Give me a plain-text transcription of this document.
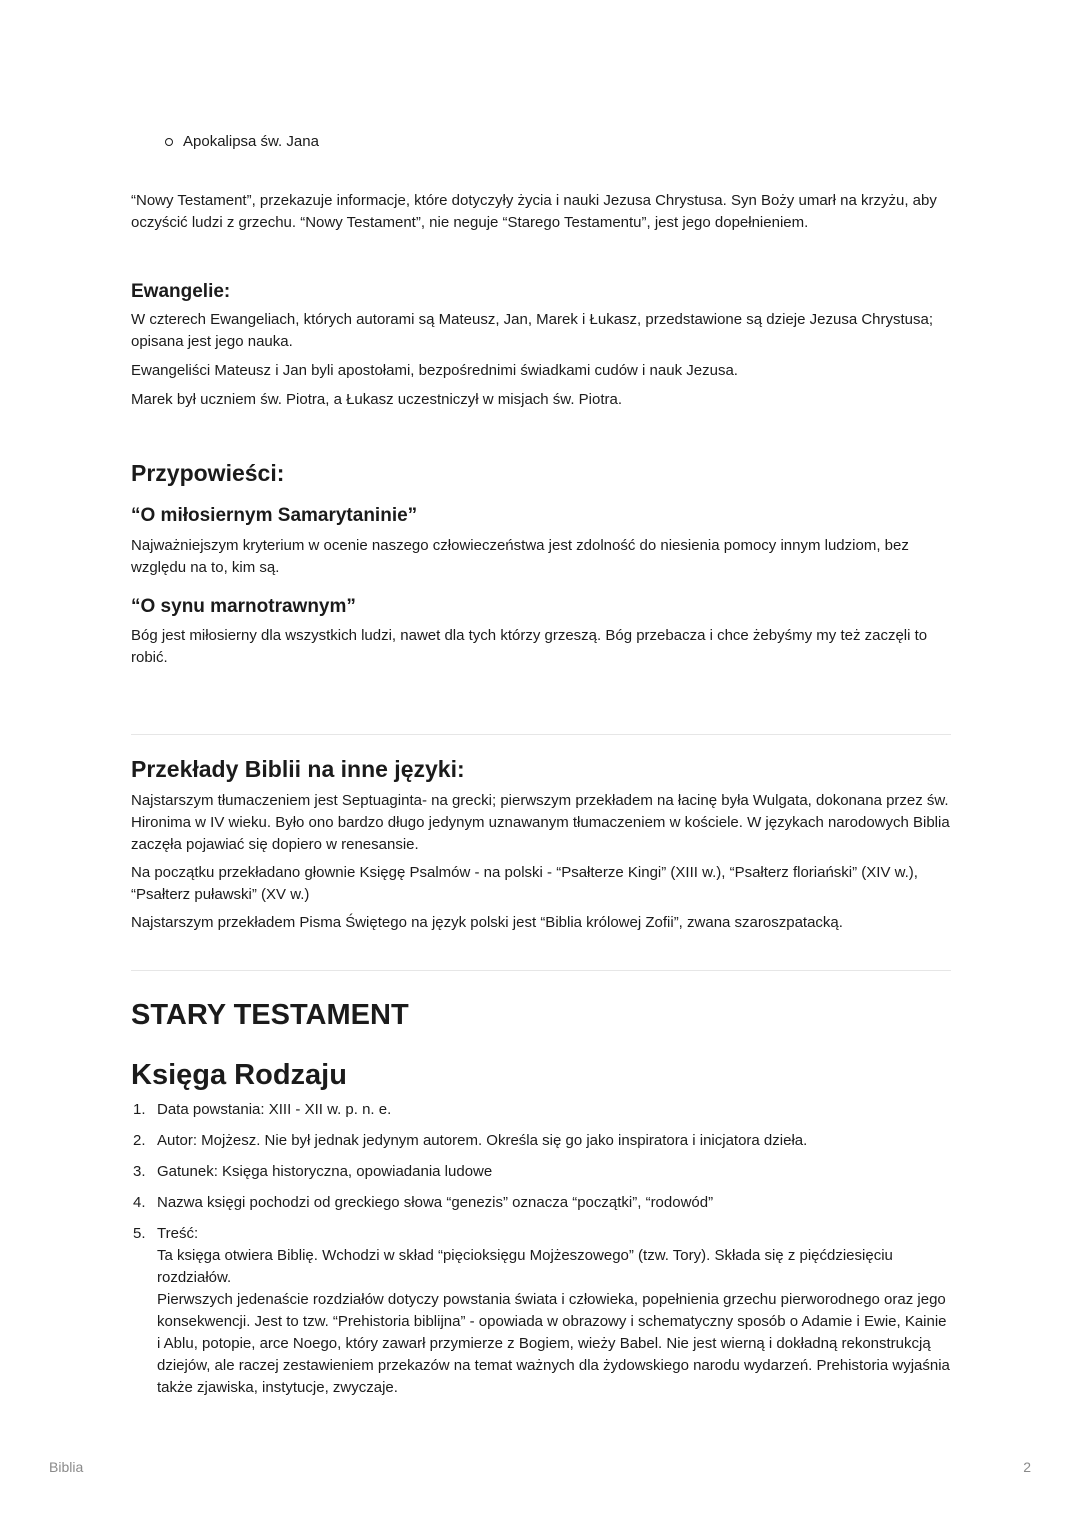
Apokalipsa św. Jana

“Nowy Testament”, przekazuje informacje, które dotyczyły życia i nauki Jezusa Chrystusa. Syn Boży umarł na krzyżu, aby oczyścić ludzi z grzechu. “Nowy Testament”, nie neguje “Starego Testamentu”, jest jego dopełnieniem.

Ewangelie:

W czterech Ewangeliach, których autorami są Mateusz, Jan, Marek i Łukasz, przedstawione są dzieje Jezusa Chrystusa; opisana jest jego nauka.

Ewangeliści Mateusz i Jan byli apostołami, bezpośrednimi świadkami cudów i nauk Jezusa.

Marek był uczniem św. Piotra, a Łukasz uczestniczył w misjach św. Piotra.

Przypowieści:
“O miłosiernym Samarytaninie”

Najważniejszym kryterium w ocenie naszego człowieczeństwa jest zdolność do niesienia pomocy innym ludziom, bez względu na to, kim są.

“O synu marnotrawnym”

Bóg jest miłosierny dla wszystkich ludzi, nawet dla tych którzy grzeszą. Bóg przebacza i chce żebyśmy my też zaczęli to robić.

Przekłady Biblii na inne języki:

Najstarszym tłumaczeniem jest Septuaginta- na grecki; pierwszym przekładem na łacinę była Wulgata, dokonana przez św. Hironima w IV wieku. Było ono bardzo długo jedynym uznawanym tłumaczeniem w kościele. W językach narodowych Biblia zaczęła pojawiać się dopiero w renesansie.

Na początku przekładano głownie Księgę Psalmów - na polski - “Psałterze Kingi” (XIII w.), “Psałterz floriański” (XIV w.), “Psałterz puławski” (XV w.)

Najstarszym przekładem Pisma Świętego na język polski jest “Biblia królowej Zofii”, zwana szaroszpatacką.

STARY TESTAMENT
Księga Rodzaju
1. Data powstania: XIII - XII w. p. n. e.
2. Autor: Mojżesz. Nie był jednak jedynym autorem. Określa się go jako inspiratora i inicjatora dzieła.
3. Gatunek: Księga historyczna, opowiadania ludowe
4. Nazwa księgi pochodzi od greckiego słowa “genezis” oznacza “początki”, “rodowód”
5. Treść:
Ta księga otwiera Biblię. Wchodzi w skład “pięcioksięgu Mojżeszowego” (tzw. Tory). Składa się z pięćdziesięciu rozdziałów.
Pierwszych jedenaście rozdziałów dotyczy powstania świata i człowieka, popełnienia grzechu pierworodnego oraz jego konsekwencji. Jest to tzw. “Prehistoria biblijna” - opowiada w obrazowy i schematyczny sposób o Adamie i Ewie, Kainie i Ablu, potopie, arce Noego, który zawarł przymierze z Bogiem, wieży Babel. Nie jest wierną i dokładną rekonstrukcją dziejów, ale raczej zestawieniem przekazów na temat ważnych dla żydowskiego narodu wydarzeń. Prehistoria wyjaśnia także zjawiska, instytucje, zwyczaje.
Biblia	2
